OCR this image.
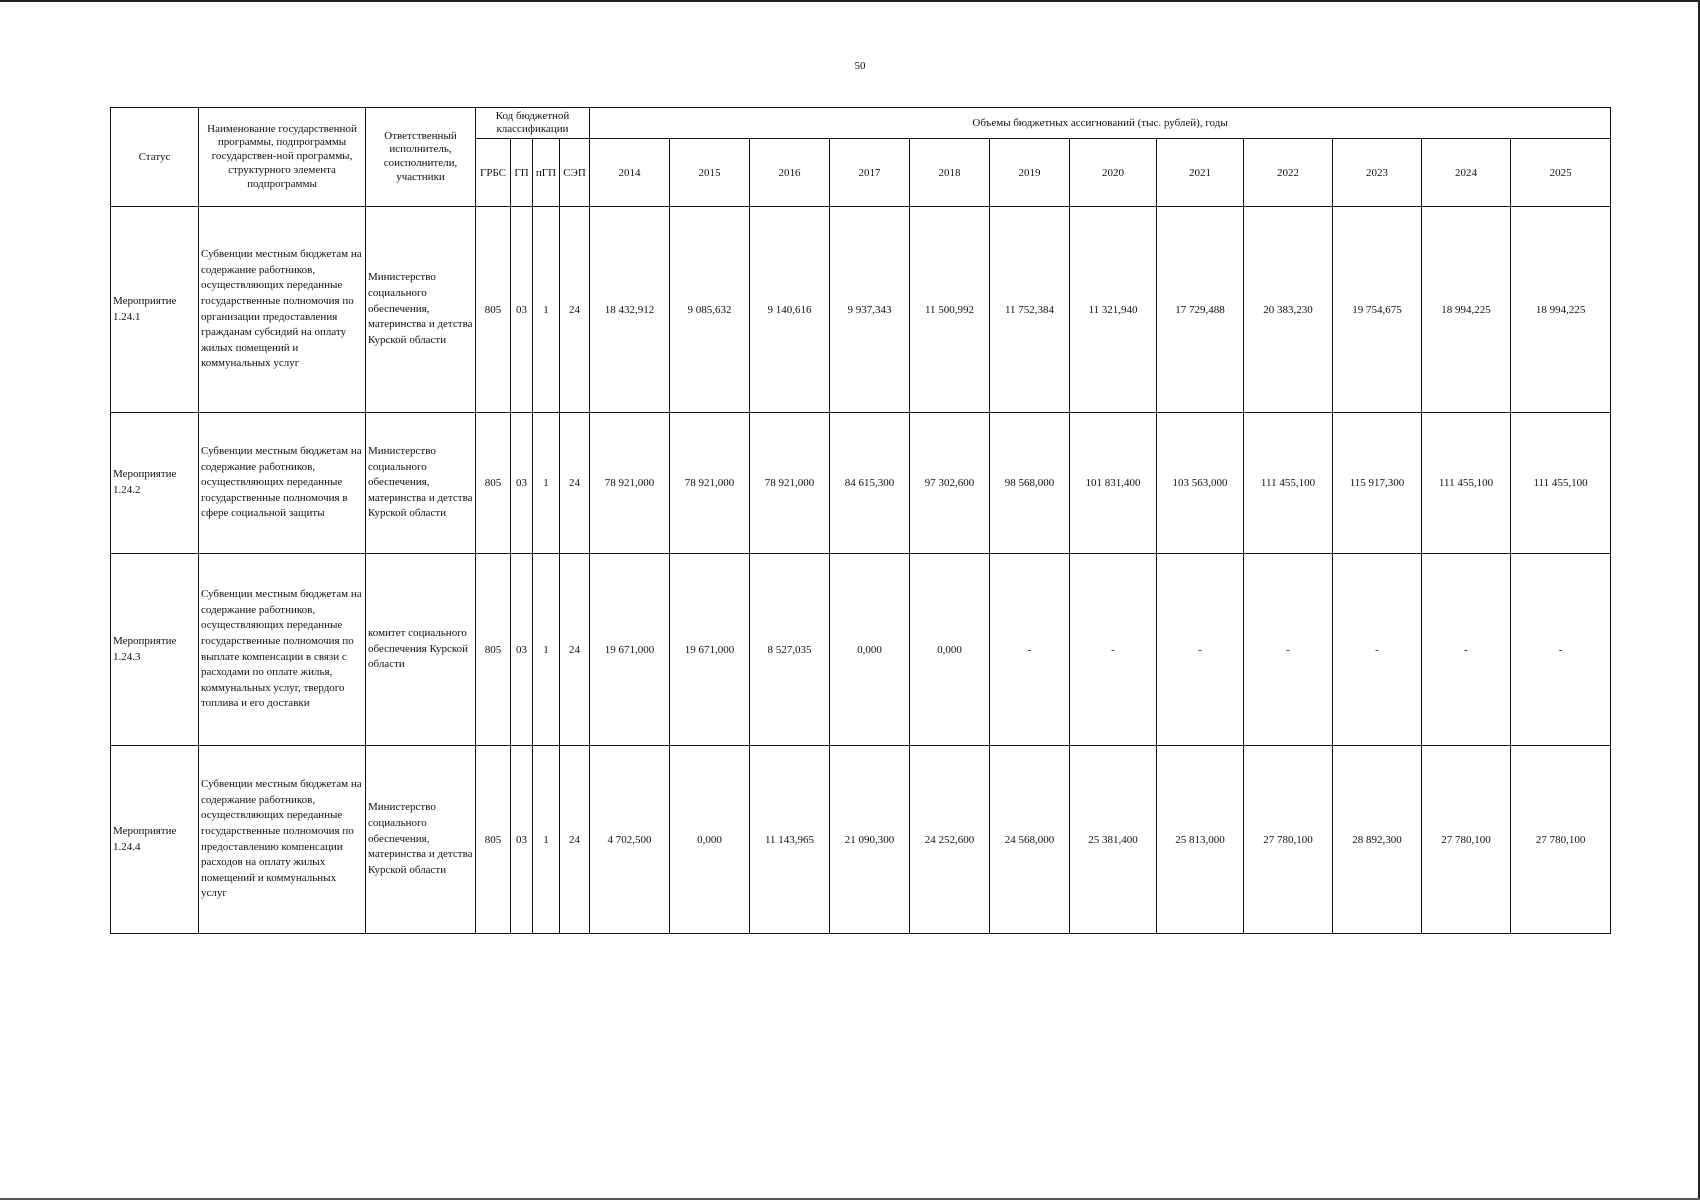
50
Статус	Наименование государственной программы, подпрограммы государствен-ной программы, структурного элемента подпрограммы	Ответственный исполнитель, соисполнители, участники	Код бюджетной классификации				Объемы бюджетных ассигнований (тыс. рублей), годы											
			ГРБС	ГП	пГП	СЭП	2014	2015	2016	2017	2018	2019	2020	2021	2022	2023	2024	2025
Мероприятие 1.24.1	Субвенции местным бюджетам на содержание работников, осуществляющих переданные государственные полномочия по организации предоставления гражданам субсидий на оплату жилых помещений и коммунальных услуг	Министерство социального обеспечения, материнства и детства Курской области	805	03	1	24	18 432,912	9 085,632	9 140,616	9 937,343	11 500,992	11 752,384	11 321,940	17 729,488	20 383,230	19 754,675	18 994,225	18 994,225
Мероприятие 1.24.2	Субвенции местным бюджетам на содержание работников, осуществляющих переданные государственные полномочия в сфере социальной защиты	Министерство социального обеспечения, материнства и детства Курской области	805	03	1	24	78 921,000	78 921,000	78 921,000	84 615,300	97 302,600	98 568,000	101 831,400	103 563,000	111 455,100	115 917,300	111 455,100	111 455,100
Мероприятие 1.24.3	Субвенции местным бюджетам на содержание работников, осуществляющих переданные государственные полномочия по выплате компенсации в связи с расходами по оплате жилья, коммунальных услуг, твердого топлива и его доставки	комитет социального обеспечения Курской области	805	03	1	24	19 671,000	19 671,000	8 527,035	0,000	0,000	-	-	-	-	-	-	-
Мероприятие 1.24.4	Субвенции местным бюджетам на содержание работников, осуществляющих переданные государственные полномочия по предоставлению компенсации расходов на оплату жилых помещений и коммунальных услуг	Министерство социального обеспечения, материнства и детства Курской области	805	03	1	24	4 702,500	0,000	11 143,965	21 090,300	24 252,600	24 568,000	25 381,400	25 813,000	27 780,100	28 892,300	27 780,100	27 780,100
